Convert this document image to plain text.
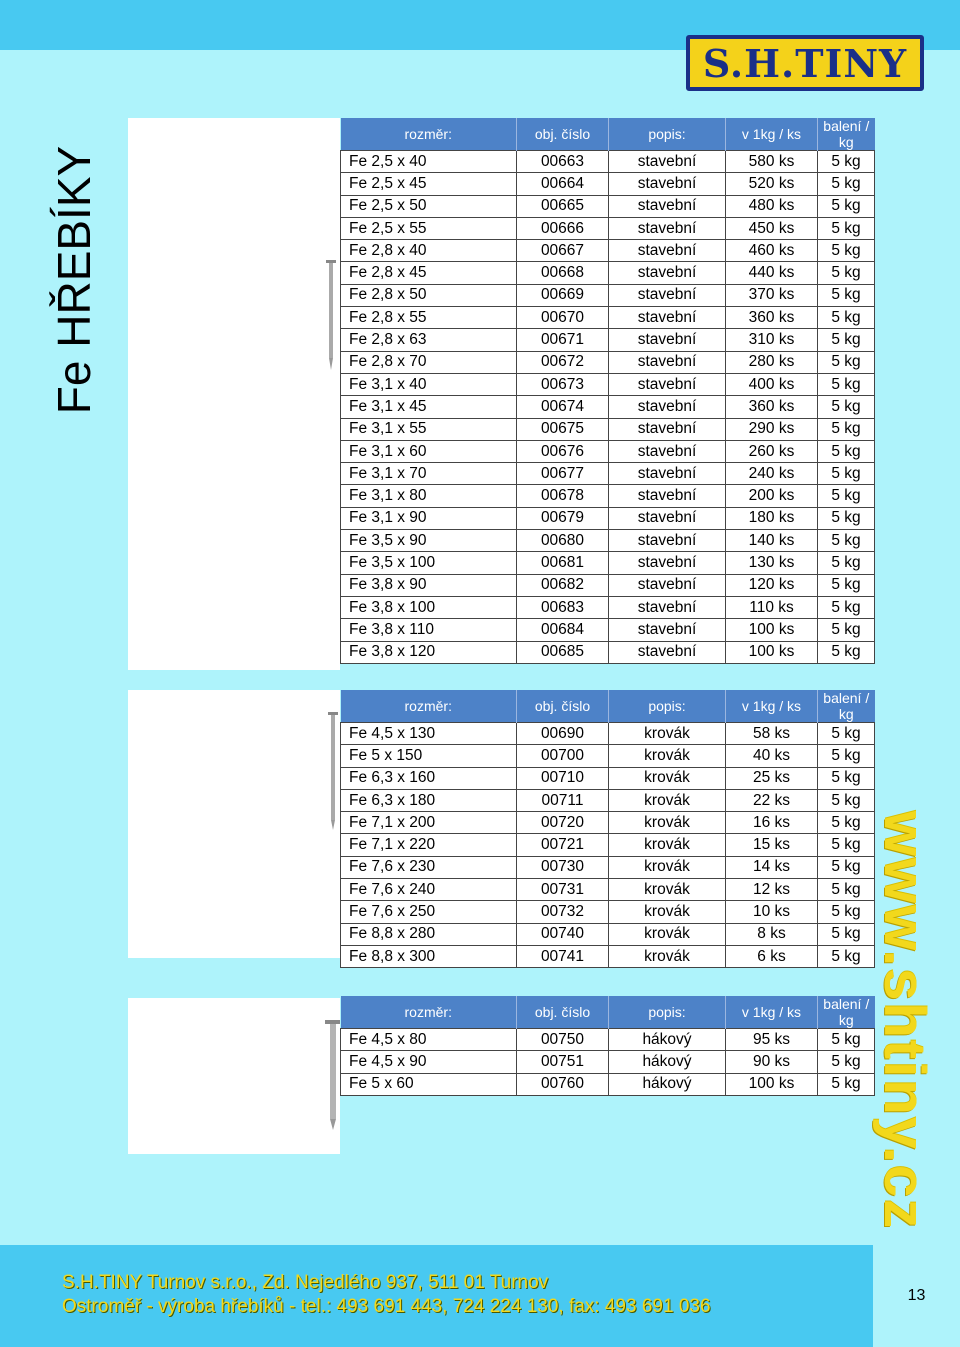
S.H.TINY
Fe HŘEBÍKY
rozměr:	obj. číslo	popis:	v 1kg / ks	balení / kg
Fe 2,5 x 40	00663	stavební	580 ks	5 kg
Fe 2,5 x 45	00664	stavební	520 ks	5 kg
Fe 2,5 x 50	00665	stavební	480 ks	5 kg
Fe 2,5 x 55	00666	stavební	450 ks	5 kg
Fe 2,8 x 40	00667	stavební	460 ks	5 kg
Fe 2,8 x 45	00668	stavební	440 ks	5 kg
Fe 2,8 x 50	00669	stavební	370 ks	5 kg
Fe 2,8 x 55	00670	stavební	360 ks	5 kg
Fe 2,8 x 63	00671	stavební	310 ks	5 kg
Fe 2,8 x 70	00672	stavební	280 ks	5 kg
Fe 3,1 x 40	00673	stavební	400 ks	5 kg
Fe 3,1 x 45	00674	stavební	360 ks	5 kg
Fe 3,1 x 55	00675	stavební	290 ks	5 kg
Fe 3,1 x 60	00676	stavební	260 ks	5 kg
Fe 3,1 x 70	00677	stavební	240 ks	5 kg
Fe 3,1 x 80	00678	stavební	200 ks	5 kg
Fe 3,1 x 90	00679	stavební	180 ks	5 kg
Fe 3,5 x 90	00680	stavební	140 ks	5 kg
Fe 3,5 x 100	00681	stavební	130 ks	5 kg
Fe 3,8 x 90	00682	stavební	120 ks	5 kg
Fe 3,8 x 100	00683	stavební	110 ks	5 kg
Fe 3,8 x 110	00684	stavební	100 ks	5 kg
Fe 3,8 x 120	00685	stavební	100 ks	5 kg
rozměr:	obj. číslo	popis:	v 1kg / ks	balení / kg
Fe 4,5 x 130	00690	krovák	58 ks	5 kg
Fe 5 x 150	00700	krovák	40 ks	5 kg
Fe 6,3 x 160	00710	krovák	25 ks	5 kg
Fe 6,3 x 180	00711	krovák	22 ks	5 kg
Fe 7,1 x 200	00720	krovák	16 ks	5 kg
Fe 7,1 x 220	00721	krovák	15 ks	5 kg
Fe 7,6 x 230	00730	krovák	14 ks	5 kg
Fe 7,6 x 240	00731	krovák	12 ks	5 kg
Fe 7,6 x 250	00732	krovák	10 ks	5 kg
Fe 8,8 x 280	00740	krovák	8 ks	5 kg
Fe 8,8 x 300	00741	krovák	6 ks	5 kg
rozměr:	obj. číslo	popis:	v 1kg / ks	balení / kg
Fe 4,5 x 80	00750	hákový	95 ks	5 kg
Fe 4,5 x 90	00751	hákový	90 ks	5 kg
Fe 5 x 60	00760	hákový	100 ks	5 kg www.shtiny.cz
S.H.TINY Turnov s.r.o., Zd. Nejedlého 937, 511 01 Turnov
Ostroměř - výroba hřebíků - tel.: 493 691 443, 724 224 130, fax: 493 691 036
13
